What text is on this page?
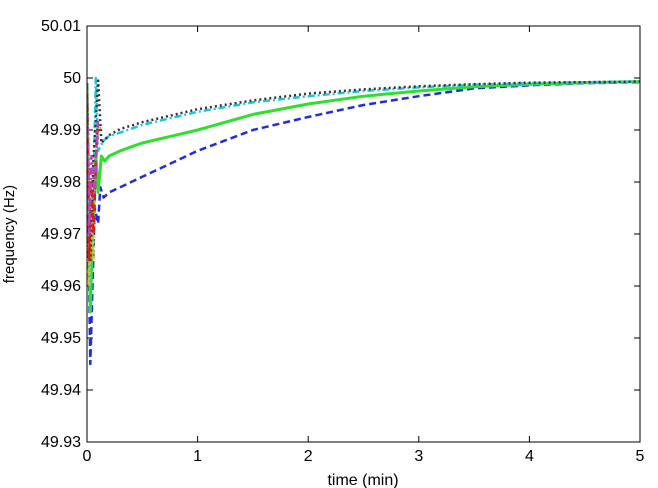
0	1	2	3	4	5
49.93
49.94
49.95
49.96
49.97
49.98
49.99
50
50.01
time (min)
frequency (Hz)
